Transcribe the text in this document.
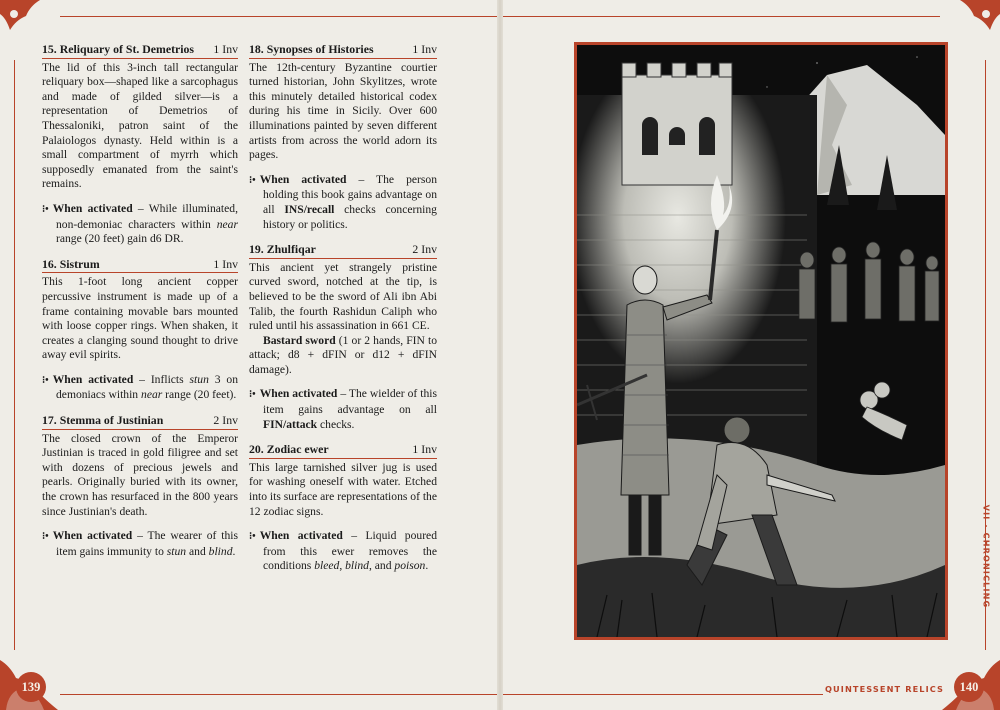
15. Reliquary of St. Demetrios 1 Inv
The lid of this 3-inch tall rectangular reliquary box—shaped like a sarcophagus and made of gilded silver—is a representation of Demetrios of Thessaloniki, patron saint of the Palaiologos dynasty. Held within is a small compartment of myrrh which supposedly emanated from the saint's remains.
⁝• When activated – While illuminated, non-demoniac characters within near range (20 feet) gain d6 DR.
16. Sistrum	1 Inv
This 1-foot long ancient copper percussive instrument is made up of a frame containing movable bars mounted with loose copper rings. When shaken, it creates a clanging sound thought to drive away evil spirits.
⁝• When activated – Inflicts stun 3 on demoniacs within near range (20 feet).
17. Stemma of Justinian	2 Inv
The closed crown of the Emperor Justinian is traced in gold filigree and set with dozens of precious jewels and pearls. Originally buried with its owner, the crown has resurfaced in the 800 years since Justinian's death.
⁝• When activated – The wearer of this item gains immunity to stun and blind.
18. Synopses of Histories	1 Inv
The 12th-century Byzantine courtier turned historian, John Skylitzes, wrote this minutely detailed historical codex during his time in Sicily. Over 600 illuminations painted by seven different artists from across the world adorn its pages.
⁝• When activated – The person holding this book gains advantage on all INS/recall checks concerning history or politics.
19. Zhulfiqar	2 Inv
This ancient yet strangely pristine curved sword, notched at the tip, is believed to be the sword of Ali ibn Abi Talib, the fourth Rashidun Caliph who ruled until his assassination in 661 CE.
Bastard sword (1 or 2 hands, FIN to attack; d8 + dFIN or d12 + dFIN damage).
⁝• When activated – The wielder of this item gains advantage on all FIN/attack checks.
20. Zodiac ewer	1 Inv
This large tarnished silver jug is used for washing oneself with water. Etched into its surface are representations of the 12 zodiac signs.
⁝• When activated – Liquid poured from this ewer removes the conditions bleed, blind, and poison.
139	140
QUINTESSENT RELICS
VII · CHRONICLING
